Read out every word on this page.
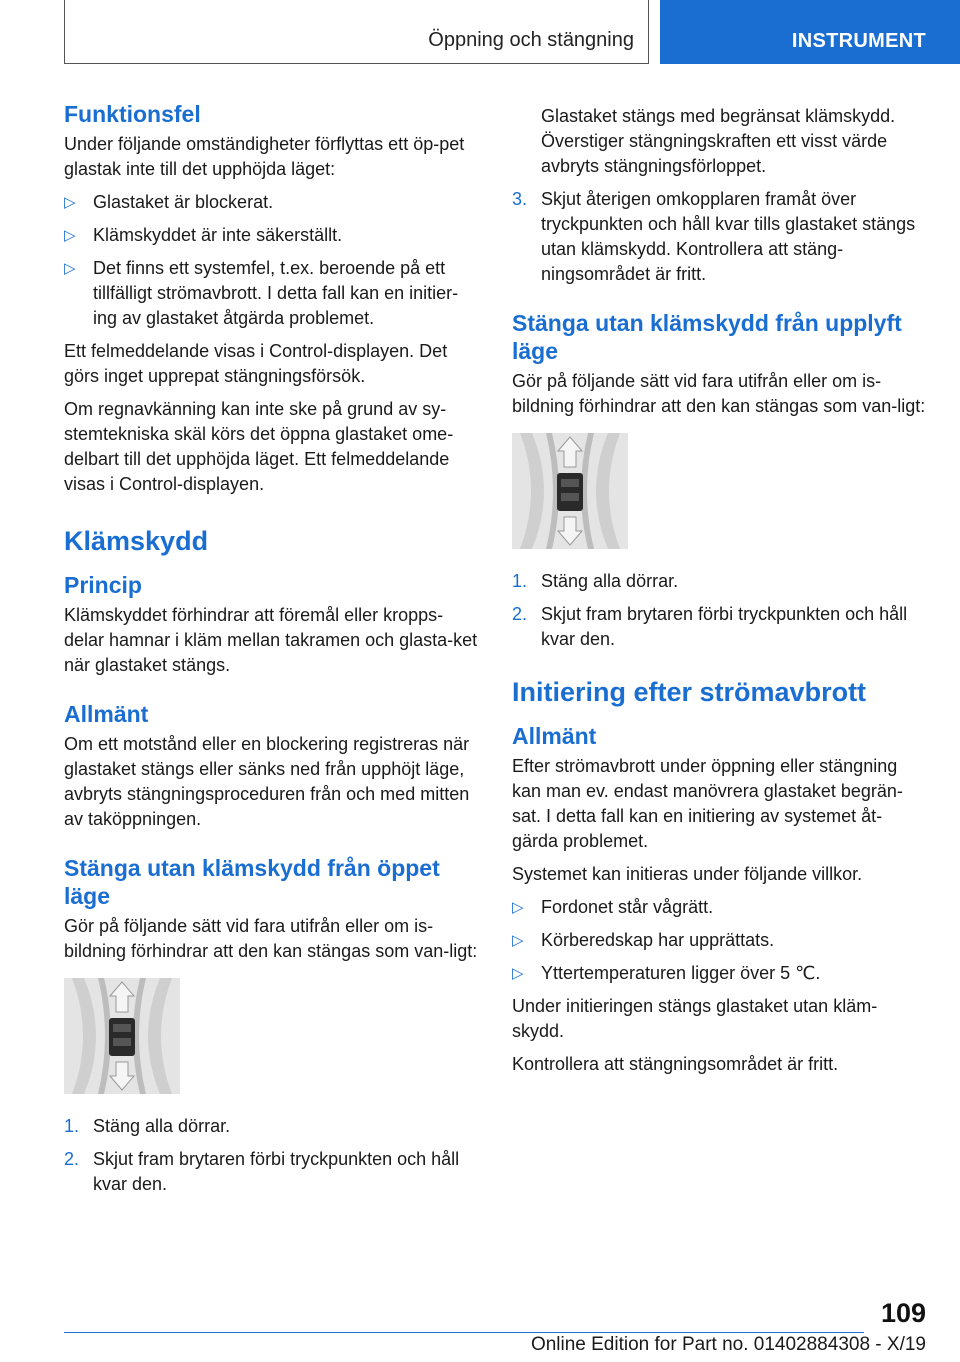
Öppning och stängning	INSTRUMENT
Funktionsfel

Under följande omständigheter förflyttas ett öp-pet glastak inte till det upphöjda läget:

▷ Glastaket är blockerat.
▷ Klämskyddet är inte säkerställt.
▷ Det finns ett systemfel, t.ex. beroende på ett tillfälligt strömavbrott. I detta fall kan en initier-ing av glastaket åtgärda problemet.

Ett felmeddelande visas i Control-displayen. Det görs inget upprepat stängningsförsök.

Om regnavkänning kan inte ske på grund av sy-stemtekniska skäl körs det öppna glastaket ome-delbart till det upphöjda läget. Ett felmeddelande visas i Control-displayen.

Klämskydd
Princip

Klämskyddet förhindrar att föremål eller kropps-delar hamnar i kläm mellan takramen och glasta-ket när glastaket stängs.

Allmänt

Om ett motstånd eller en blockering registreras när glastaket stängs eller sänks ned från upphöjt läge, avbryts stängningsproceduren från och med mitten av taköppningen.

Stänga utan klämskydd från öppet läge

Gör på följande sätt vid fara utifrån eller om is-bildning förhindrar att den kan stängas som van-ligt:

1. Stäng alla dörrar.
2. Skjut fram brytaren förbi tryckpunkten och håll kvar den.
Glastaket stängs med begränsat klämskydd. Överstiger stängningskraften ett visst värde avbryts stängningsförloppet.
3. Skjut återigen omkopplaren framåt över tryckpunkten och håll kvar tills glastaket stängs utan klämskydd. Kontrollera att stäng-ningsområdet är fritt.
Stänga utan klämskydd från upplyft läge

Gör på följande sätt vid fara utifrån eller om is-bildning förhindrar att den kan stängas som van-ligt:

1. Stäng alla dörrar.
2. Skjut fram brytaren förbi tryckpunkten och håll kvar den.
Initiering efter strömavbrott
Allmänt

Efter strömavbrott under öppning eller stängning kan man ev. endast manövrera glastaket begrän-sat. I detta fall kan en initiering av systemet åt-gärda problemet.

Systemet kan initieras under följande villkor.

▷ Fordonet står vågrätt.
▷ Körberedskap har upprättats.
▷ Yttertemperaturen ligger över 5 ℃.

Under initieringen stängs glastaket utan kläm-skydd.

Kontrollera att stängningsområdet är fritt.

109
Online Edition for Part no. 01402884308 - X/19
